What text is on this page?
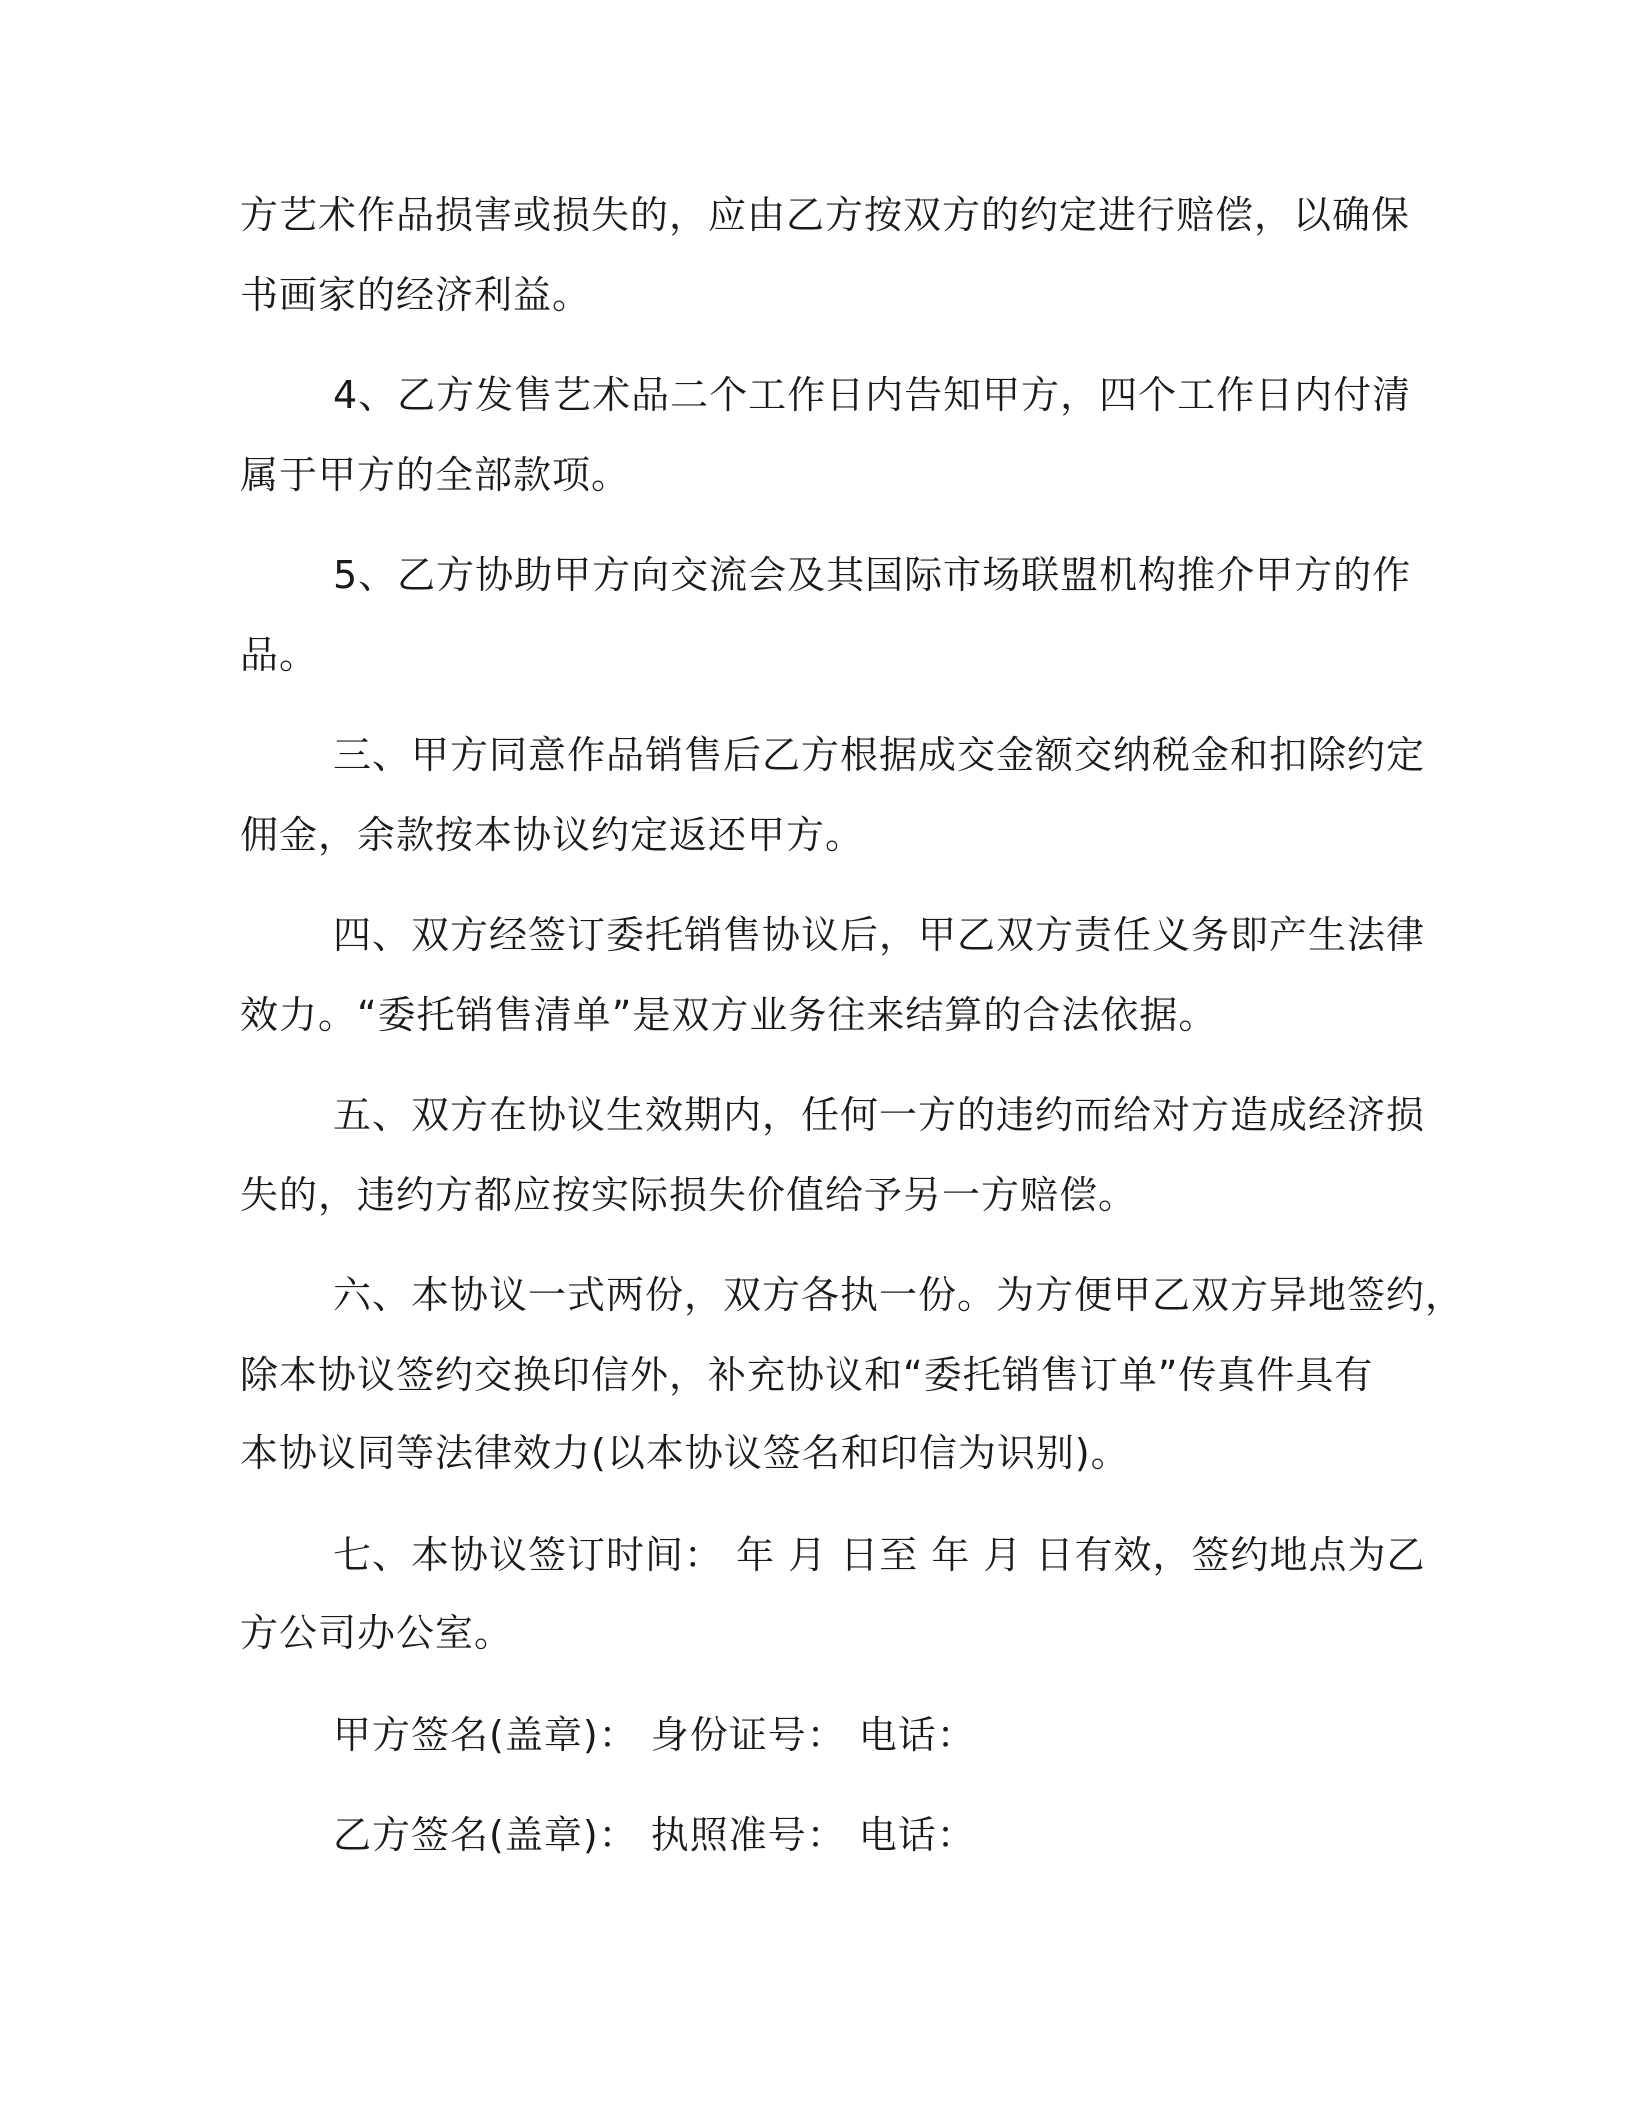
方艺术作品损害或损失的，应由乙方按双方的约定进行赔偿，以确保
书画家的经济利益。
4、乙方发售艺术品二个工作日内告知甲方，四个工作日内付清
属于甲方的全部款项。
5、乙方协助甲方向交流会及其国际市场联盟机构推介甲方的作
品。
三、甲方同意作品销售后乙方根据成交金额交纳税金和扣除约定
佣金，余款按本协议约定返还甲方。
四、双方经签订委托销售协议后，甲乙双方责任义务即产生法律
效力。“委托销售清单”是双方业务往来结算的合法依据。
五、双方在协议生效期内，任何一方的违约而给对方造成经济损
失的，违约方都应按实际损失价值给予另一方赔偿。
六、本协议一式两份，双方各执一份。为方便甲乙双方异地签约，
除本协议签约交换印信外，补充协议和“委托销售订单”传真件具有
本协议同等法律效力(以本协议签名和印信为识别)。
七、本协议签订时间： 年 月 日至 年 月 日有效，签约地点为乙
方公司办公室。
甲方签名(盖章)： 身份证号： 电话：
乙方签名(盖章)： 执照准号： 电话：
